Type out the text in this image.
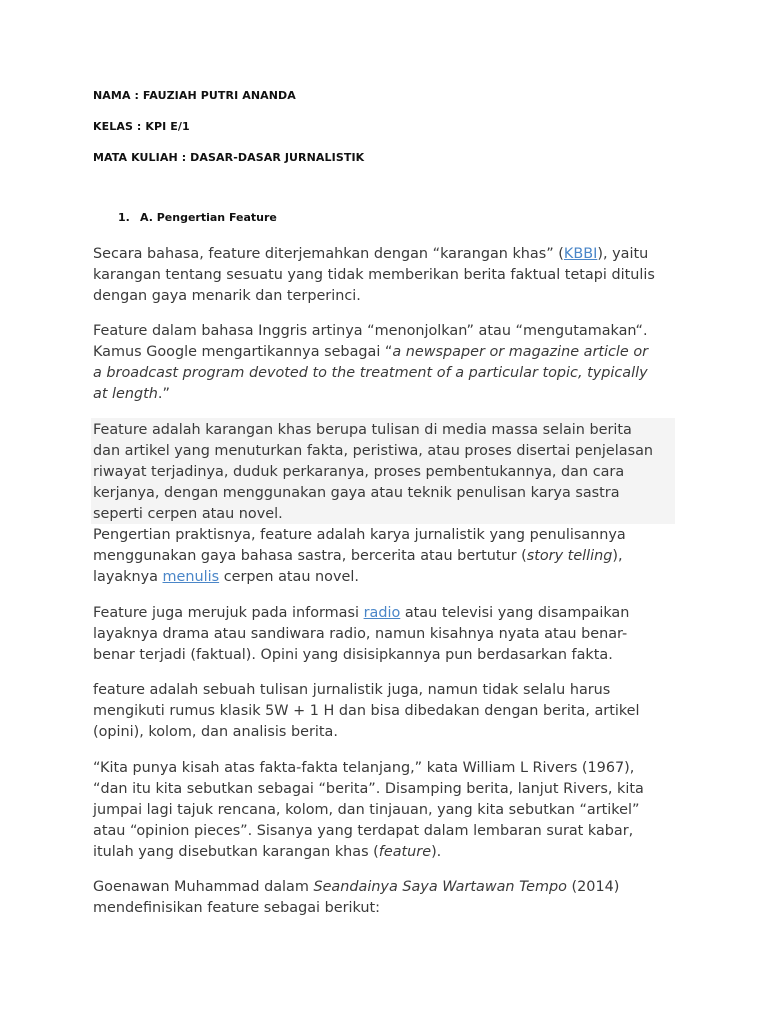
NAMA : FAUZIAH PUTRI ANANDA
KELAS : KPI E/1
MATA KULIAH : DASAR-DASAR JURNALISTIK
1. A. Pengertian Feature
Secara bahasa, feature diterjemahkan dengan “karangan khas” (KBBI), yaitu
karangan tentang sesuatu yang tidak memberikan berita faktual tetapi ditulis
dengan gaya menarik dan terperinci.
Feature dalam bahasa Inggris artinya “menonjolkan” atau “mengutamakan“.
Kamus Google mengartikannya sebagai “a newspaper or magazine article or
a broadcast program devoted to the treatment of a particular topic, typically
at length.”
Feature adalah karangan khas berupa tulisan di media massa selain berita
dan artikel yang menuturkan fakta, peristiwa, atau proses disertai penjelasan
riwayat terjadinya, duduk perkaranya, proses pembentukannya, dan cara
kerjanya, dengan menggunakan gaya atau teknik penulisan karya sastra
seperti cerpen atau novel.
Pengertian praktisnya, feature adalah karya jurnalistik yang penulisannya
menggunakan gaya bahasa sastra, bercerita atau bertutur (story telling),
layaknya menulis cerpen atau novel.
Feature juga merujuk pada informasi radio atau televisi yang disampaikan
layaknya drama atau sandiwara radio, namun kisahnya nyata atau benar-
benar terjadi (faktual). Opini yang disisipkannya pun berdasarkan fakta.
feature adalah sebuah tulisan jurnalistik juga, namun tidak selalu harus
mengikuti rumus klasik 5W + 1 H dan bisa dibedakan dengan berita, artikel
(opini), kolom, dan analisis berita.
“Kita punya kisah atas fakta-fakta telanjang,” kata William L Rivers (1967),
“dan itu kita sebutkan sebagai “berita”. Disamping berita, lanjut Rivers, kita
jumpai lagi tajuk rencana, kolom, dan tinjauan, yang kita sebutkan “artikel”
atau “opinion pieces”. Sisanya yang terdapat dalam lembaran surat kabar,
itulah yang disebutkan karangan khas (feature).
Goenawan Muhammad dalam Seandainya Saya Wartawan Tempo (2014)
mendefinisikan feature sebagai berikut:
